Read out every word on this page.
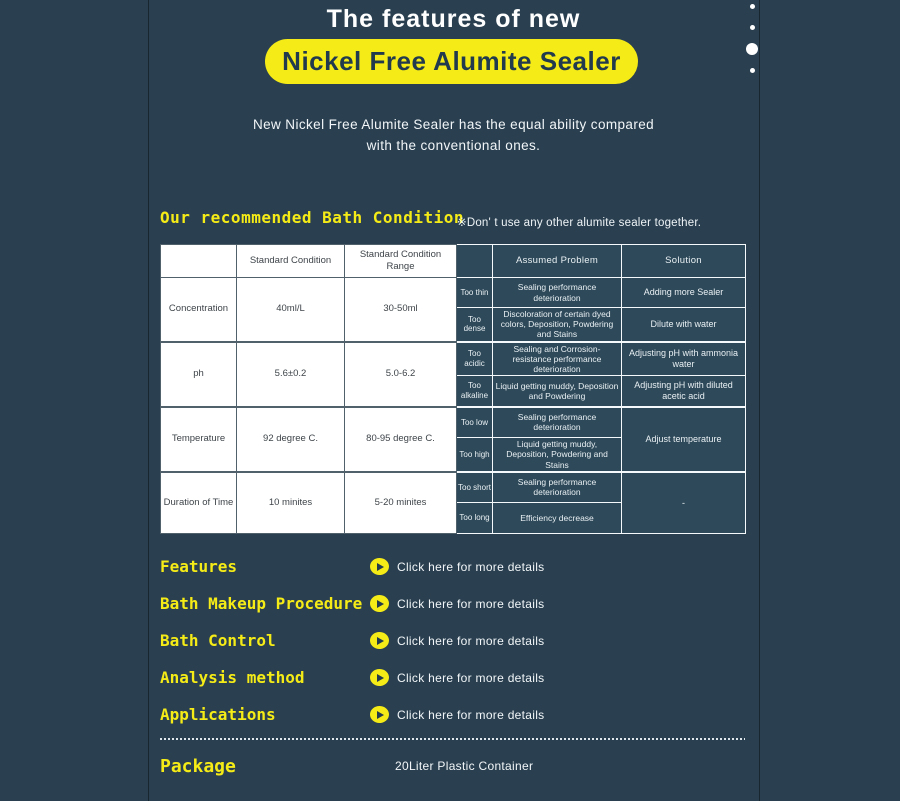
The features of new
Nickel Free Alumite Sealer
New Nickel Free Alumite Sealer has the equal ability compared
with the conventional ones.
Our recommended Bath Condition
※Don' t use any other alumite sealer together.
	Standard Condition	Standard Condition Range		Assumed Problem	Solution
Concentration	40ml/L	30-50ml	Too thin	Sealing performance deterioration	Adding more Sealer
			Too dense	Discoloration of certain dyed colors, Deposition, Powdering and Stains	Dilute with water
ph	5.6±0.2	5.0-6.2	Too acidic	Sealing and Corrosion-resistance performance deterioration	Adjusting pH with ammonia water
			Too alkaline	Liquid getting muddy, Deposition and Powdering	Adjusting pH with diluted acetic acid
Temperature	92 degree C.	80-95 degree C.	Too low	Sealing performance deterioration	Adjust temperature
			Too high	Liquid getting muddy, Deposition, Powdering and Stains	
Duration of Time	10 minites	5-20 minites	Too short	Sealing performance deterioration	-
			Too long	Efficiency decrease	
Features	Click here for more details
Bath Makeup Procedure	Click here for more details
Bath Control	Click here for more details
Analysis method	Click here for more details
Applications	Click here for more details
Package	20Liter Plastic Container
